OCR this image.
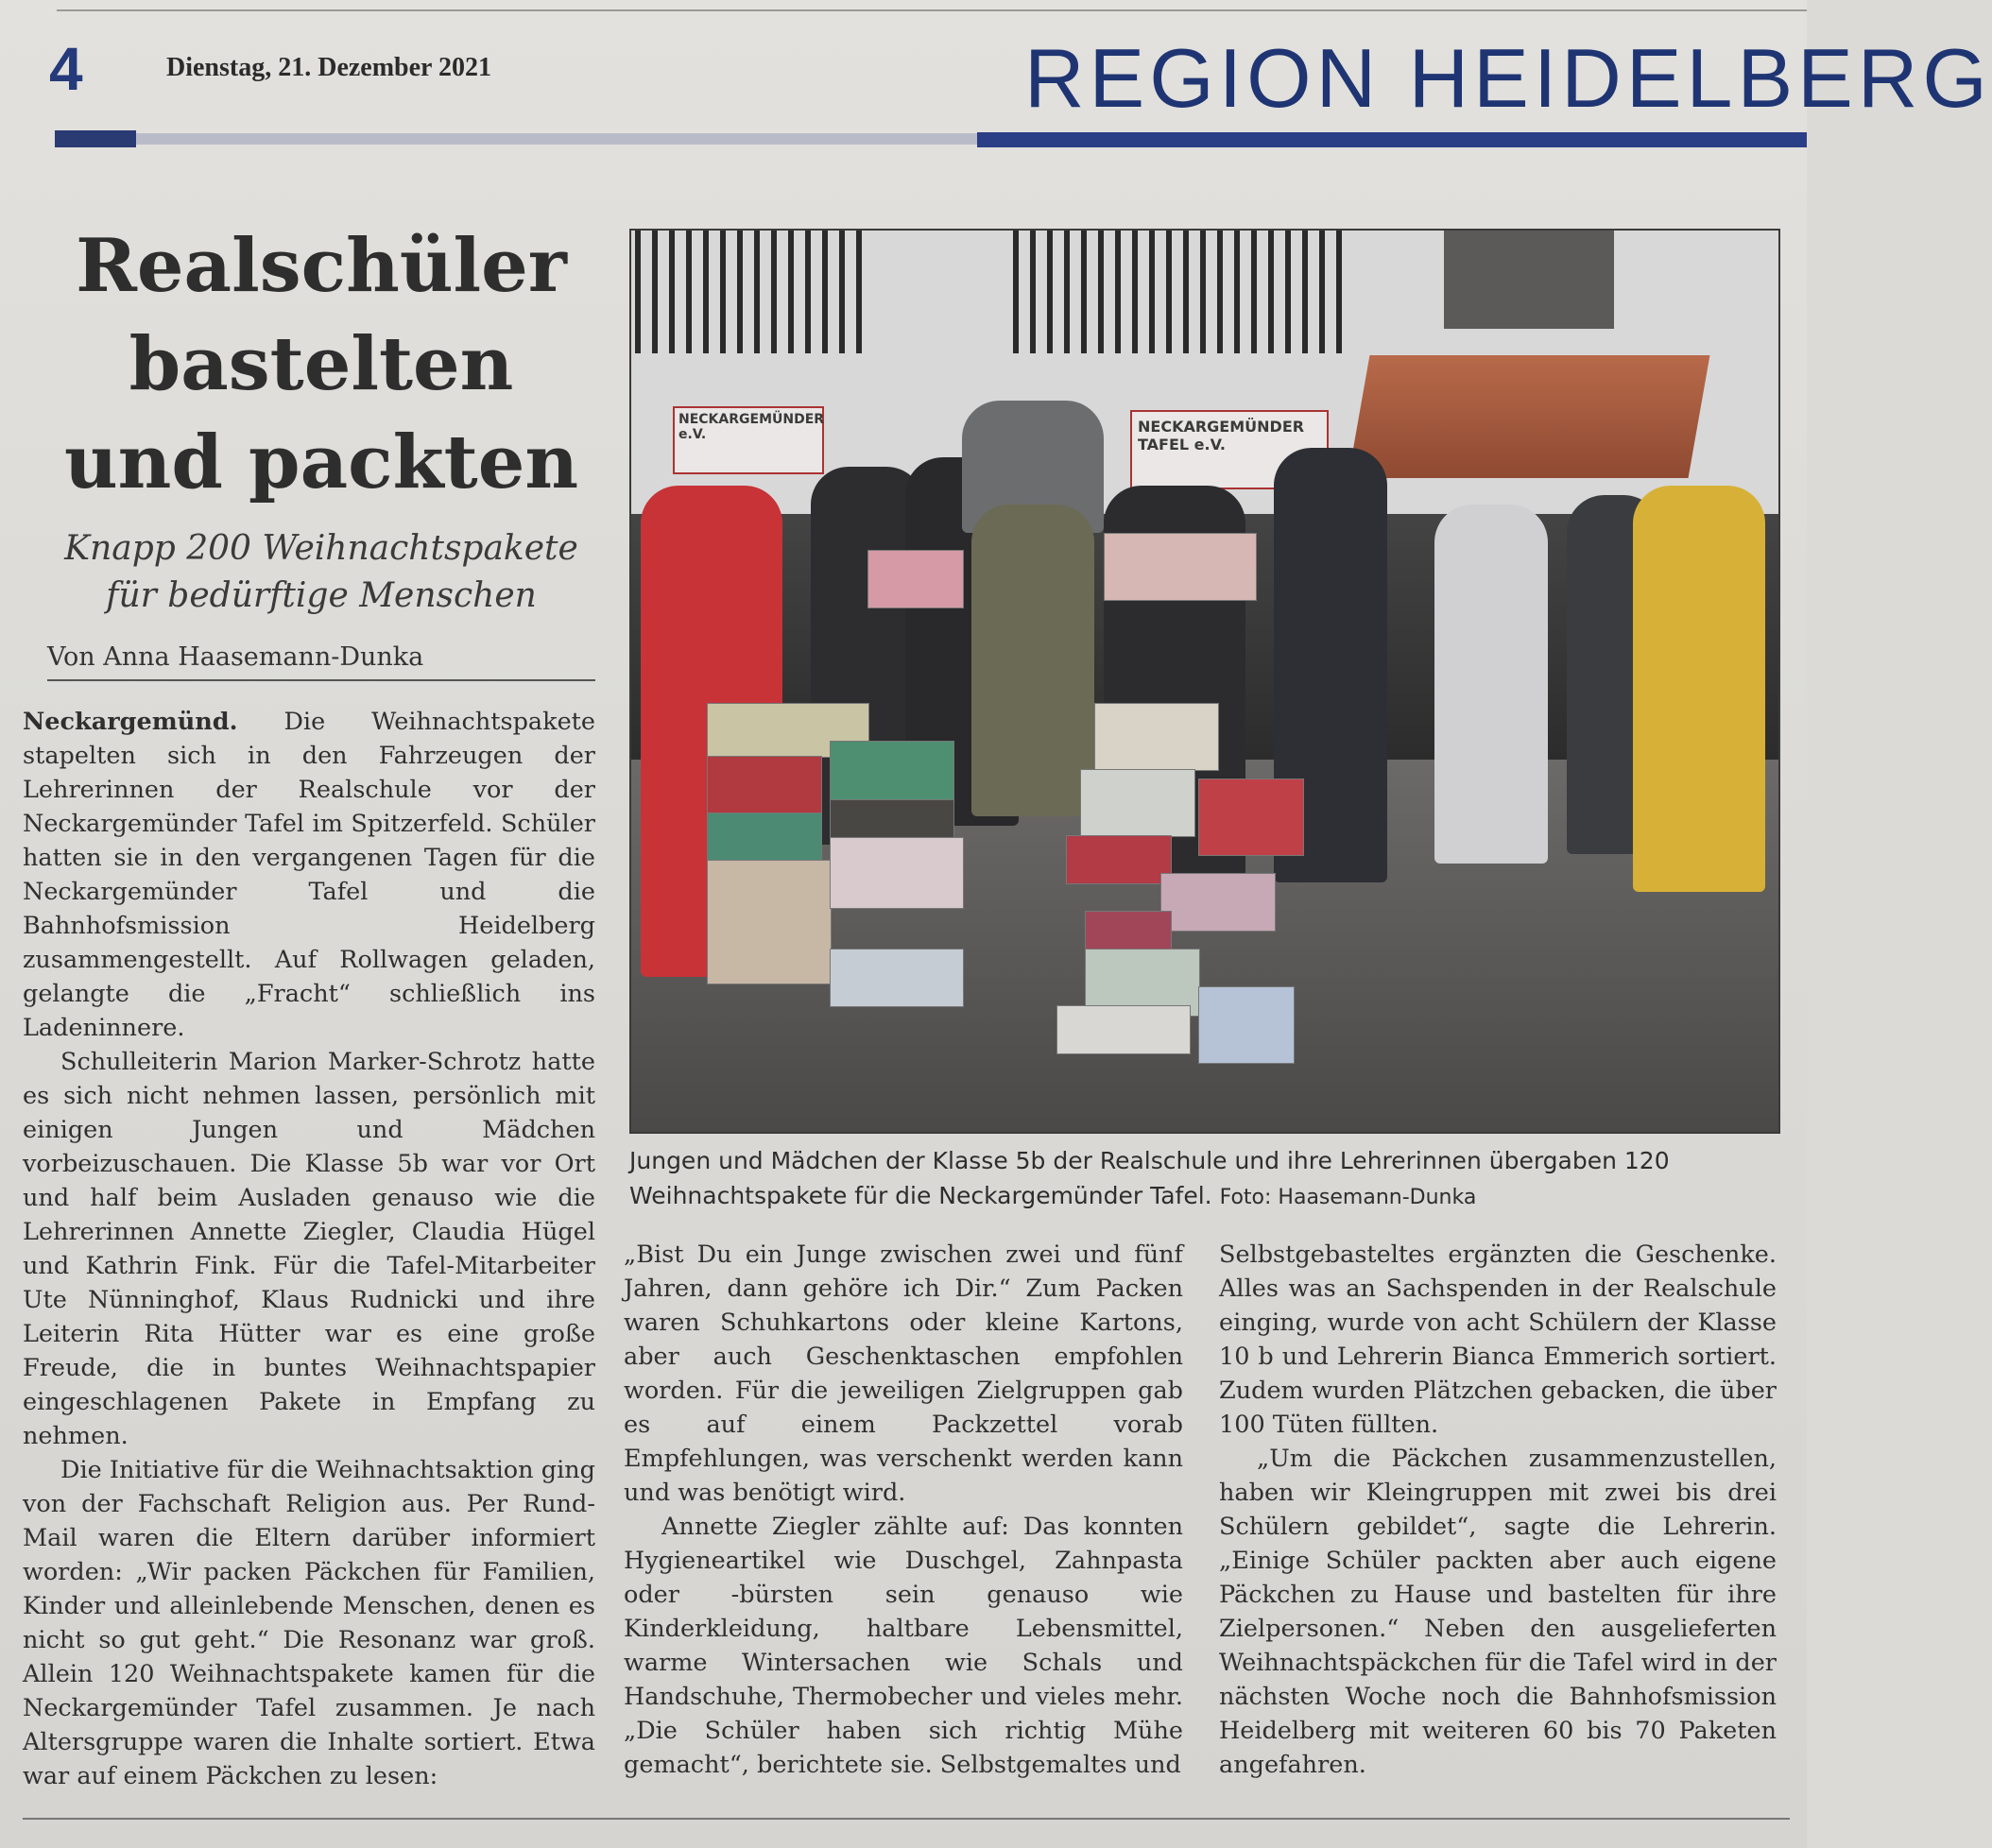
4	Dienstag, 21. Dezember 2021	REGION HEIDELBERG
Realschüler bastelten und packten
Knapp 200 Weihnachtspakete für bedürftige Menschen
Von Anna Haasemann-Dunka

Neckargemünd. Die Weihnachtspakete stapelten sich in den Fahrzeugen der Lehrerinnen der Realschule vor der Neckargemünder Tafel im Spitzerfeld. Schüler hatten sie in den vergangenen Tagen für die Neckargemünder Tafel und die Bahnhofsmission Heidelberg zusammengestellt. Auf Rollwagen geladen, gelangte die „Fracht“ schließlich ins Ladeninnere.

Schulleiterin Marion Marker-Schrotz hatte es sich nicht nehmen lassen, persönlich mit einigen Jungen und Mädchen vorbeizuschauen. Die Klasse 5b war vor Ort und half beim Ausladen genauso wie die Lehrerinnen Annette Ziegler, Claudia Hügel und Kathrin Fink. Für die Tafel-Mitarbeiter Ute Nünninghof, Klaus Rudnicki und ihre Leiterin Rita Hütter war es eine große Freude, die in buntes Weihnachtspapier eingeschlagenen Pakete in Empfang zu nehmen.

Die Initiative für die Weihnachtsaktion ging von der Fachschaft Religion aus. Per Rund-Mail waren die Eltern darüber informiert worden: „Wir packen Päckchen für Familien, Kinder und alleinlebende Menschen, denen es nicht so gut geht.“ Die Resonanz war groß. Allein 120 Weihnachtspakete kamen für die Neckargemünder Tafel zusammen. Je nach Altersgruppe waren die Inhalte sortiert. Etwa war auf einem Päckchen zu lesen:

NECKARGEMÜNDER e.V.	NECKARGEMÜNDER TAFEL e.V.
Jungen und Mädchen der Klasse 5b der Realschule und ihre Lehrerinnen übergaben 120 Weihnachtspakete für die Neckargemünder Tafel. Foto: Haasemann-Dunka

„Bist Du ein Junge zwischen zwei und fünf Jahren, dann gehöre ich Dir.“ Zum Packen waren Schuhkartons oder kleine Kartons, aber auch Geschenktaschen empfohlen worden. Für die jeweiligen Zielgruppen gab es auf einem Packzettel vorab Empfehlungen, was verschenkt werden kann und was benötigt wird.

Annette Ziegler zählte auf: Das konnten Hygieneartikel wie Duschgel, Zahnpasta oder -bürsten sein genauso wie Kinderkleidung, haltbare Lebensmittel, warme Wintersachen wie Schals und Handschuhe, Thermobecher und vieles mehr. „Die Schüler haben sich richtig Mühe gemacht“, berichtete sie. Selbstgemaltes und

Selbstgebasteltes ergänzten die Geschenke. Alles was an Sachspenden in der Realschule einging, wurde von acht Schülern der Klasse 10 b und Lehrerin Bianca Emmerich sortiert. Zudem wurden Plätzchen gebacken, die über 100 Tüten füllten.

„Um die Päckchen zusammenzustellen, haben wir Kleingruppen mit zwei bis drei Schülern gebildet“, sagte die Lehrerin. „Einige Schüler packten aber auch eigene Päckchen zu Hause und bastelten für ihre Zielpersonen.“ Neben den ausgelieferten Weihnachtspäckchen für die Tafel wird in der nächsten Woche noch die Bahnhofsmission Heidelberg mit weiteren 60 bis 70 Paketen angefahren.
